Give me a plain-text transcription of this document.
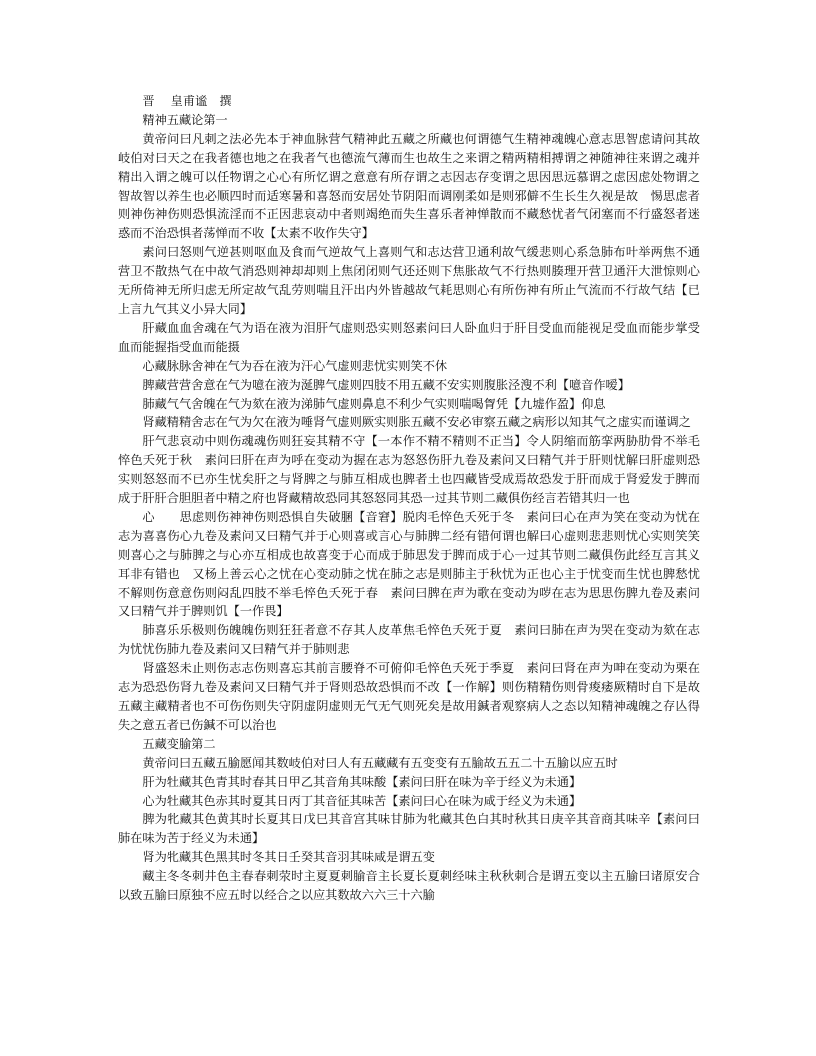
晋　 皇甫谧　撰

精神五藏论第一

黄帝问曰凡刺之法必先本于神血脉营气精神此五藏之所藏也何谓德气生精神魂魄心意志思智虑请问其故岐伯对曰天之在我者德也地之在我者气也德流气薄而生也故生之来谓之精两精相搏谓之神随神往来谓之魂并精出入谓之魄可以任物谓之心心有所忆谓之意意有所存谓之志因志存变谓之思因思远慕谓之虑因虑处物谓之智故智以养生也必顺四时而适寒暑和喜怒而安居处节阴阳而调刚柔如是则邪僻不生长生久视是故　惕思虑者则神伤神伤则恐惧流淫而不正因悲哀动中者则竭绝而失生喜乐者神惮散而不藏愁忧者气闭塞而不行盛怒者迷惑而不治恐惧者荡惮而不收【太素不收作失守】

素问曰怒则气逆甚则呕血及食而气逆故气上喜则气和志达营卫通利故气缓悲则心系急肺布叶举两焦不通营卫不散热气在中故气消恐则神却却则上焦闭闭则气还还则下焦胀故气不行热则腠理开营卫通汗大泄惊则心无所倚神无所归虑无所定故气乱劳则喘且汗出内外皆越故气耗思则心有所伤神有所止气流而不行故气结【已上言九气其义小异大同】

肝藏血血舍魂在气为语在液为泪肝气虚则恐实则怒素问曰人卧血归于肝目受血而能视足受血而能步掌受血而能握指受血而能摄

心藏脉脉舍神在气为吞在液为汗心气虚则悲忧实则笑不休

脾藏营营舍意在气为噫在液为涎脾气虚则四肢不用五藏不安实则腹胀泾溲不利【噫音作嗳】

肺藏气气舍魄在气为欬在液为涕肺气虚则鼻息不利少气实则喘喝胷凭【九墟作盈】仰息

肾藏精精舍志在气为欠在液为唾肾气虚则厥实则胀五藏不安必审察五藏之病形以知其气之虚实而谨调之

肝气悲哀动中则伤魂魂伤则狂妄其精不守【一本作不精不精则不正当】令人阴缩而筋挛两胁肋骨不举毛悴色夭死于秋　素问曰肝在声为呼在变动为握在志为怒怒伤肝九卷及素问又曰精气并于肝则忧解曰肝虚则恐实则怒怒而不已亦生忧矣肝之与肾脾之与肺互相成也脾者土也四藏皆受成焉故恐发于肝而成于肾爱发于脾而成于肝肝合胆胆者中精之府也肾藏精故恐同其怒怒同其恐一过其节则二藏俱伤经言若错其归一也

心　　思虑则伤神神伤则恐惧自失破䐃【音窘】脱肉毛悴色夭死于冬　素问曰心在声为笑在变动为忧在志为喜喜伤心九卷及素问又曰精气并于心则喜或言心与肺脾二经有错何谓也解曰心虚则悲悲则忧心实则笑笑则喜心之与肺脾之与心亦互相成也故喜变于心而成于肺思发于脾而成于心一过其节则二藏俱伤此经互言其义耳非有错也　又杨上善云心之忧在心变动肺之忧在肺之志是则肺主于秋忧为正也心主于忧变而生忧也脾愁忧不解则伤意意伤则闷乱四肢不举毛悴色夭死于春　素问曰脾在声为歌在变动为哕在志为思思伤脾九卷及素问又曰精气并于脾则饥【一作畏】

肺喜乐乐极则伤魄魄伤则狂狂者意不存其人皮革焦毛悴色夭死于夏　素问曰肺在声为哭在变动为欬在志为忧忧伤肺九卷及素问又曰精气并于肺则悲

肾盛怒未止则伤志志伤则喜忘其前言腰脊不可俯仰毛悴色夭死于季夏　素问曰肾在声为呻在变动为栗在志为恐恐伤肾九卷及素问又曰精气并于肾则恐故恐惧而不改【一作解】则伤精精伤则骨痠痿厥精时自下是故五藏主藏精者也不可伤伤则失守阴虚阴虚则无气无气则死矣是故用鍼者观察病人之态以知精神魂魄之存亾得失之意五者已伤鍼不可以治也

五藏变腧第二

黄帝问曰五藏五腧愿闻其数岐伯对曰人有五藏藏有五变变有五腧故五五二十五腧以应五时

肝为牡藏其色青其时春其日甲乙其音角其味酸【素问曰肝在味为辛于经义为未通】

心为牡藏其色赤其时夏其日丙丁其音征其味苦【素问曰心在味为咸于经义为未通】

脾为牝藏其色黄其时长夏其日戊巳其音宫其味甘肺为牝藏其色白其时秋其日庚辛其音商其味辛【素问曰肺在味为苦于经义为未通】

肾为牝藏其色黑其时冬其日壬癸其音羽其味咸是谓五变

藏主冬冬刺井色主春春刺荥时主夏夏刺腧音主长夏长夏刺经味主秋秋刺合是谓五变以主五腧曰诸原安合以致五腧曰原独不应五时以经合之以应其数故六六三十六腧
